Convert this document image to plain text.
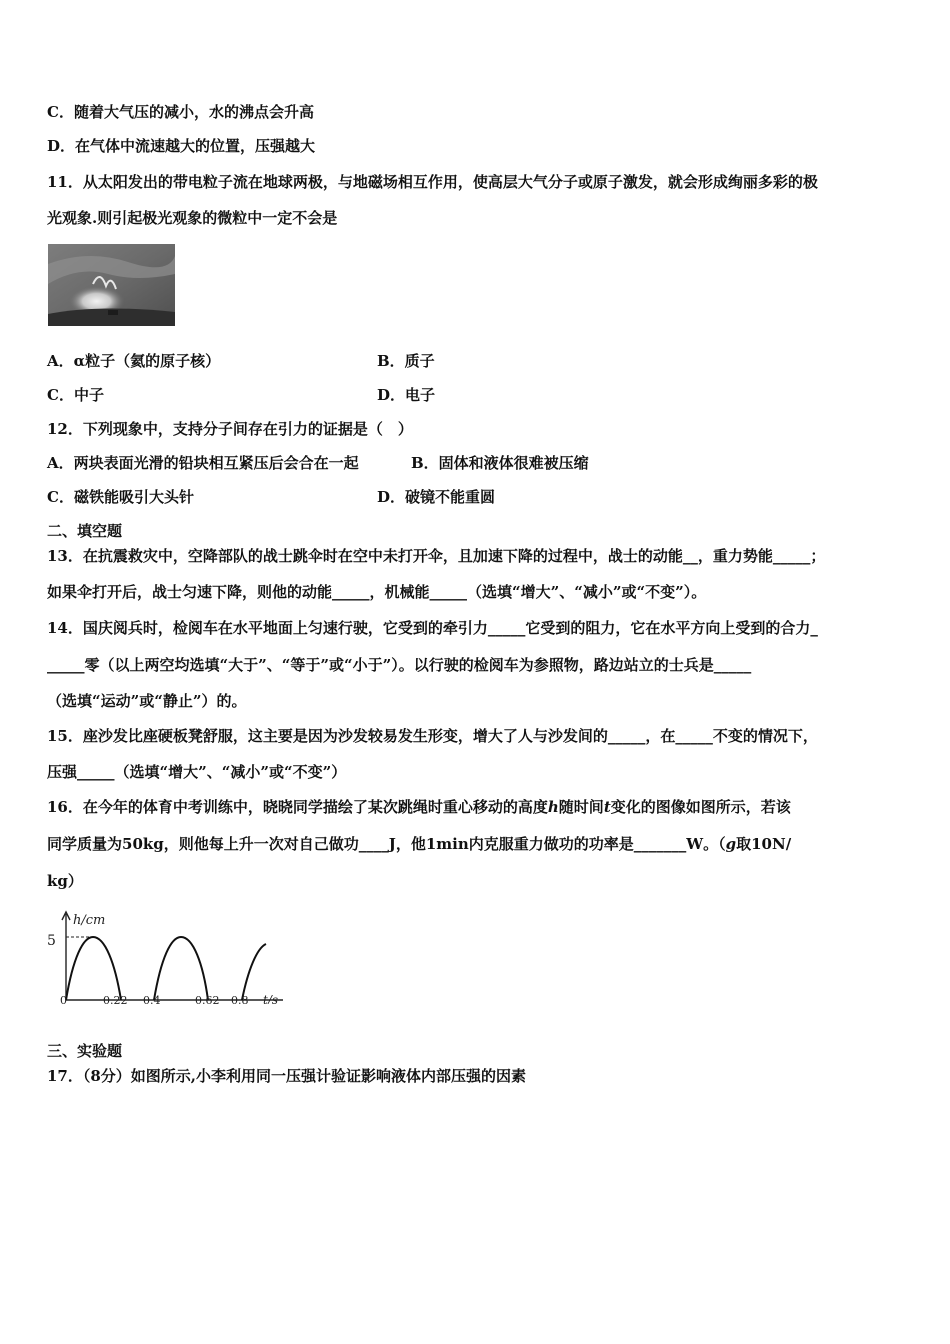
C．随着大气压的减小，水的沸点会升高
D．在气体中流速越大的位置，压强越大
11．从太阳发出的带电粒子流在地球两极，与地磁场相互作用，使高层大气分子或原子激发，就会形成绚丽多彩的极
光观象.则引起极光观象的微粒中一定不会是
A．α粒子（氦的原子核）	B．质子
C．中子	D．电子
12．下列现象中，支持分子间存在引力的证据是（　）
A．两块表面光滑的铅块相互紧压后会合在一起	B．固体和液体很难被压缩
C．磁铁能吸引大头针	D．破镜不能重圆
二、填空题
13．在抗震救灾中，空降部队的战士跳伞时在空中未打开伞，且加速下降的过程中，战士的动能__，重力势能_____；
如果伞打开后，战士匀速下降，则他的动能_____，机械能_____（选填“增大”、“减小”或“不变”）。
14．国庆阅兵时，检阅车在水平地面上匀速行驶，它受到的牵引力_____它受到的阻力，它在水平方向上受到的合力_
_____零（以上两空均选填“大于”、“等于”或“小于”）。以行驶的检阅车为参照物，路边站立的士兵是_____
（选填“运动”或“静止”）的。
15．座沙发比座硬板凳舒服，这主要是因为沙发较易发生形变，增大了人与沙发间的_____，在_____不变的情况下，
压强_____（选填“增大”、“减小”或“不变”）
16．在今年的体育中考训练中，晓晓同学描绘了某次跳绳时重心移动的高度h随时间t变化的图像如图所示，若该
同学质量为50kg，则他每上升一次对自己做功____J，他1min内克服重力做功的功率是_______W。（g取10N/
kg）
h/cm
5
0	0.22 0.4	0.62 0.8 t/s
三、实验题
17．（8分）如图所示,小李利用同一压强计验证影响液体内部压强的因素
